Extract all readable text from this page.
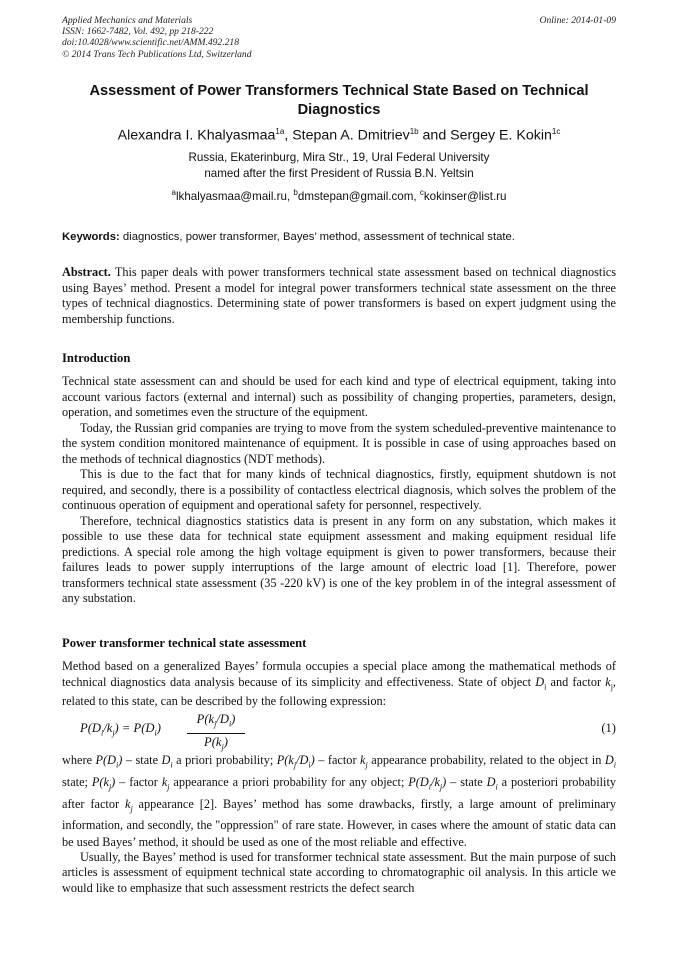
Applied Mechanics and Materials
ISSN: 1662-7482, Vol. 492, pp 218-222
doi:10.4028/www.scientific.net/AMM.492.218
© 2014 Trans Tech Publications Ltd, Switzerland
Online: 2014-01-09
Assessment of Power Transformers Technical State Based on Technical Diagnostics
Alexandra I. Khalyasmaa$^{1a}$, Stepan A. Dmitriev$^{1b}$ and Sergey E. Kokin$^{1c}$
Russia, Ekaterinburg, Mira Str., 19, Ural Federal University
named after the first President of Russia B.N. Yeltsin
$^a$lkhalyasmaa@mail.ru, $^b$dmstepan@gmail.com, $^c$kokinser@list.ru
Keywords: diagnostics, power transformer, Bayes’ method, assessment of technical state.
Abstract. This paper deals with power transformers technical state assessment based on technical diagnostics using Bayes’ method. Present a model for integral power transformers technical state assessment on the three types of technical diagnostics. Determining state of power transformers is based on expert judgment using the membership functions.
Introduction

Technical state assessment can and should be used for each kind and type of electrical equipment, taking into account various factors (external and internal) such as possibility of changing properties, parameters, design, operation, and sometimes even the structure of the equipment.

Today, the Russian grid companies are trying to move from the system scheduled-preventive maintenance to the system condition monitored maintenance of equipment. It is possible in case of using approaches based on the methods of technical diagnostics (NDT methods).

This is due to the fact that for many kinds of technical diagnostics, firstly, equipment shutdown is not required, and secondly, there is a possibility of contactless electrical diagnosis, which solves the problem of the continuous operation of equipment and operational safety for personnel, respectively.

Therefore, technical diagnostics statistics data is present in any form on any substation, which makes it possible to use these data for technical state equipment assessment and making equipment residual life predictions. A special role among the high voltage equipment is given to power transformers, because their failures leads to power supply interruptions of the large amount of electric load [1]. Therefore, power transformers technical state assessment (35 -220 kV) is one of the key problem in of the integral assessment of any substation.

Power transformer technical state assessment
Method based on a generalized Bayes’ formula occupies a special place among the mathematical methods of technical diagnostics data analysis because of its simplicity and effectiveness. State of object $D_i$ and factor $k_j$, related to this state, can be described by the following expression:
$P(D_i/k_j) = P(D_i) \frac{P(k_j/D_i)}{P(k_j)}$	(1)
where $P(D_i)$ – state $D_i$ a priori probability; $P(k_j/D_i)$ – factor $k_j$ appearance probability, related to the object in $D_i$ state; $P(k_j)$ – factor $k_j$ appearance a priori probability for any object; $P(D_i/k_j)$ – state $D_i$ a posteriori probability after factor $k_j$ appearance [2]. Bayes’ method has some drawbacks, firstly, a large amount of preliminary information, and secondly, the "oppression" of rare state. However, in cases where the amount of static data can be used Bayes’ method, it should be used as one of the most reliable and effective.

Usually, the Bayes’ method is used for transformer technical state assessment. But the main purpose of such articles is assessment of equipment technical state according to chromatographic oil analysis. In this article we would like to emphasize that such assessment restricts the defect search
